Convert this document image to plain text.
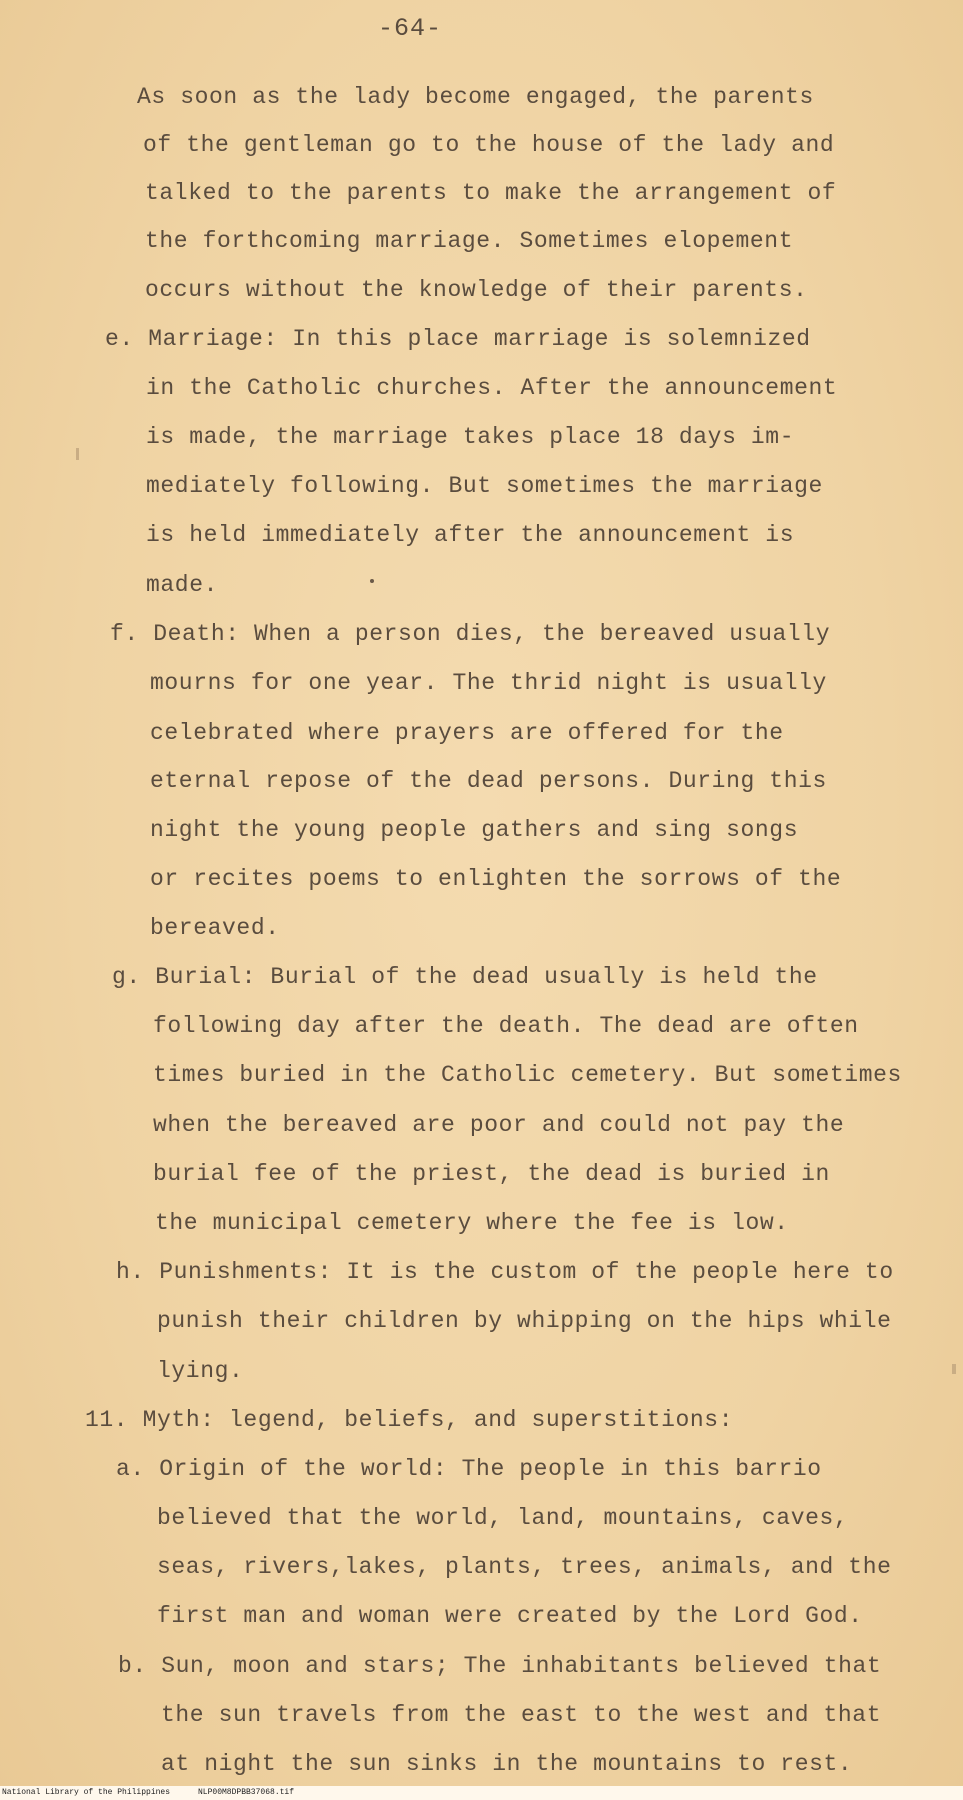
-64-
As soon as the lady become engaged, the parents
of the gentleman go to the house of the lady and
talked to the parents to make the arrangement of
the forthcoming marriage. Sometimes elopement
occurs without the knowledge of their parents.
e. Marriage: In this place marriage is solemnized
in the Catholic churches. After the announcement
is made, the marriage takes place 18 days im-
mediately following. But sometimes the marriage
is held immediately after the announcement is
made.
f. Death: When a person dies, the bereaved usually
mourns for one year. The thrid night is usually
celebrated where prayers are offered for the
eternal repose of the dead persons. During this
night the young people gathers and sing songs
or recites poems to enlighten the sorrows of the
bereaved.
g. Burial: Burial of the dead usually is held the
following day after the death. The dead are often
times buried in the Catholic cemetery. But sometimes
when the bereaved are poor and could not pay the
burial fee of the priest, the dead is buried in
the municipal cemetery where the fee is low.
h. Punishments: It is the custom of the people here to
punish their children by whipping on the hips while
lying.
11. Myth: legend, beliefs, and superstitions:
a. Origin of the world: The people in this barrio
believed that the world, land, mountains, caves,
seas, rivers,lakes, plants, trees, animals, and the
first man and woman were created by the Lord God.
b. Sun, moon and stars; The inhabitants believed that
the sun travels from the east to the west and that
at night the sun sinks in the mountains to rest.
National Library of the Philippines	NLP00M8DPBB37068.tif
